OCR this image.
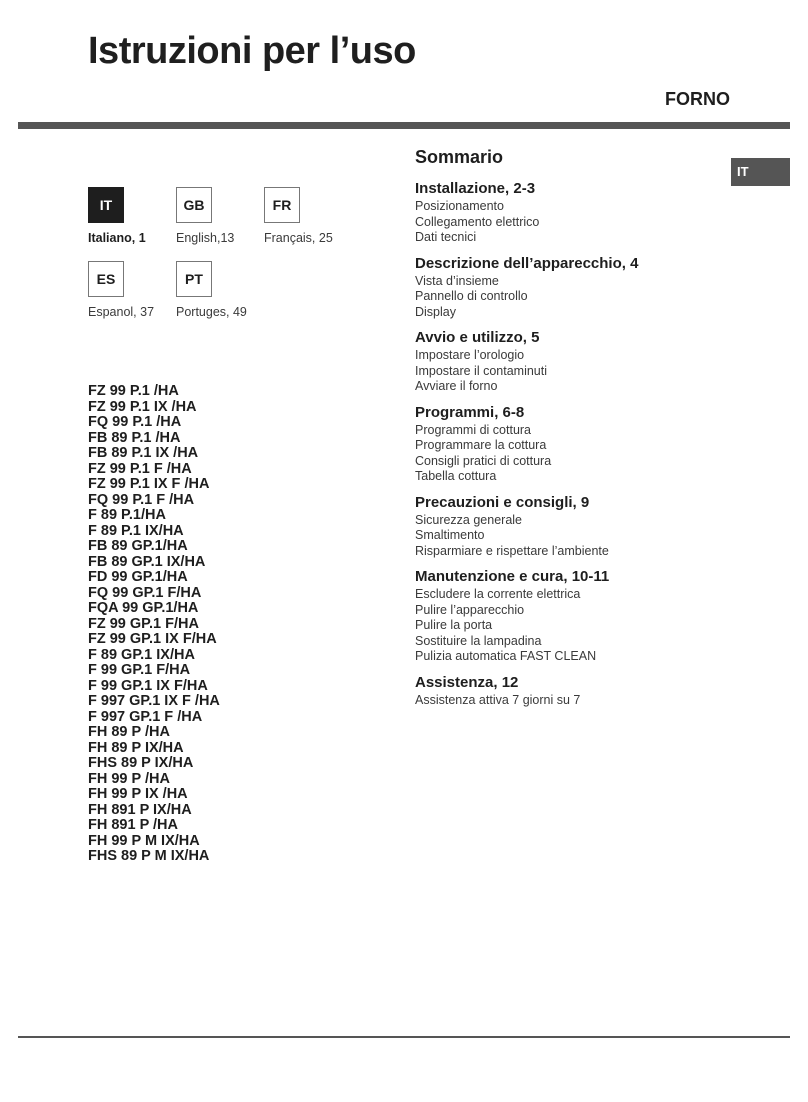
Istruzioni per l’uso
FORNO
IT
IT
Italiano, 1
GB
English,13
FR
Français, 25
ES
Espanol, 37
PT
Portuges, 49
FZ 99 P.1 /HA
FZ 99 P.1 IX /HA
FQ 99 P.1 /HA
FB 89 P.1 /HA
FB 89 P.1 IX /HA
FZ 99 P.1 F /HA
FZ 99 P.1 IX F /HA
FQ 99 P.1 F /HA
F 89 P.1/HA
F 89 P.1 IX/HA
FB 89 GP.1/HA
FB 89 GP.1 IX/HA
FD 99 GP.1/HA
FQ 99 GP.1 F/HA
FQA 99 GP.1/HA
FZ 99 GP.1 F/HA
FZ 99 GP.1 IX F/HA
F 89 GP.1 IX/HA
F 99 GP.1 F/HA
F 99 GP.1 IX F/HA
F 997 GP.1 IX F /HA
F 997 GP.1 F /HA
FH 89 P /HA
FH 89 P IX/HA
FHS 89 P IX/HA
FH 99 P /HA
FH 99 P IX /HA
FH 891 P IX/HA
FH 891 P /HA
FH 99 P M IX/HA
FHS 89 P M IX/HA
Sommario
Installazione, 2-3
Posizionamento
Collegamento elettrico
Dati tecnici
Descrizione dell’apparecchio, 4
Vista d’insieme
Pannello di controllo
Display
Avvio e utilizzo, 5
Impostare l’orologio
Impostare il contaminuti
Avviare il forno
Programmi, 6-8
Programmi di cottura
Programmare la cottura
Consigli pratici di cottura
Tabella cottura
Precauzioni e consigli, 9
Sicurezza generale
Smaltimento
Risparmiare e rispettare l’ambiente
Manutenzione e cura, 10-11
Escludere la corrente elettrica
Pulire l’apparecchio
Pulire la porta
Sostituire la lampadina
Pulizia automatica FAST CLEAN
Assistenza, 12
Assistenza attiva 7 giorni su 7
